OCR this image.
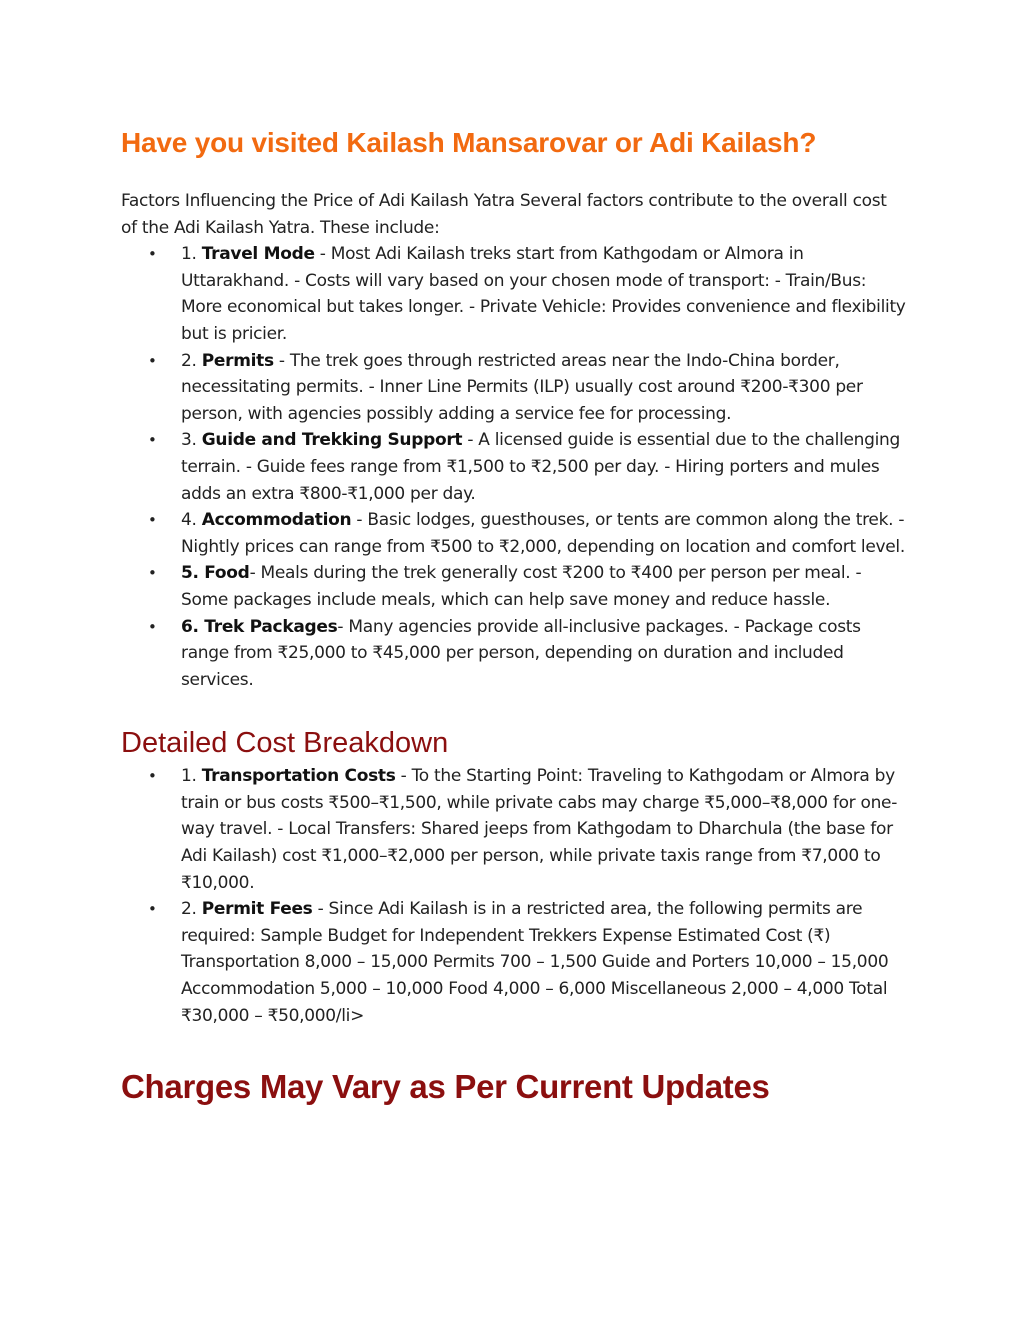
Have you visited Kailash Mansarovar or Adi Kailash?

Factors Influencing the Price of Adi Kailash Yatra Several factors contribute to the overall cost of the Adi Kailash Yatra. These include:

• 1. Travel Mode - Most Adi Kailash treks start from Kathgodam or Almora in Uttarakhand. - Costs will vary based on your chosen mode of transport: - Train/Bus: More economical but takes longer. - Private Vehicle: Provides convenience and flexibility but is pricier.
• 2. Permits - The trek goes through restricted areas near the Indo-China border, necessitating permits. - Inner Line Permits (ILP) usually cost around ₹200-₹300 per person, with agencies possibly adding a service fee for processing.
• 3. Guide and Trekking Support - A licensed guide is essential due to the challenging terrain. - Guide fees range from ₹1,500 to ₹2,500 per day. - Hiring porters and mules adds an extra ₹800-₹1,000 per day.
• 4. Accommodation - Basic lodges, guesthouses, or tents are common along the trek. - Nightly prices can range from ₹500 to ₹2,000, depending on location and comfort level.
• 5. Food- Meals during the trek generally cost ₹200 to ₹400 per person per meal. - Some packages include meals, which can help save money and reduce hassle.
• 6. Trek Packages- Many agencies provide all-inclusive packages. - Package costs range from ₹25,000 to ₹45,000 per person, depending on duration and included services.
Detailed Cost Breakdown
• 1. Transportation Costs - To the Starting Point: Traveling to Kathgodam or Almora by train or bus costs ₹500–₹1,500, while private cabs may charge ₹5,000–₹8,000 for one-way travel. - Local Transfers: Shared jeeps from Kathgodam to Dharchula (the base for Adi Kailash) cost ₹1,000–₹2,000 per person, while private taxis range from ₹7,000 to ₹10,000.
• 2. Permit Fees - Since Adi Kailash is in a restricted area, the following permits are required: Sample Budget for Independent Trekkers Expense Estimated Cost (₹) Transportation 8,000 – 15,000 Permits 700 – 1,500 Guide and Porters 10,000 – 15,000 Accommodation 5,000 – 10,000 Food 4,000 – 6,000 Miscellaneous 2,000 – 4,000 Total ₹30,000 – ₹50,000/li>
Charges May Vary as Per Current Updates
